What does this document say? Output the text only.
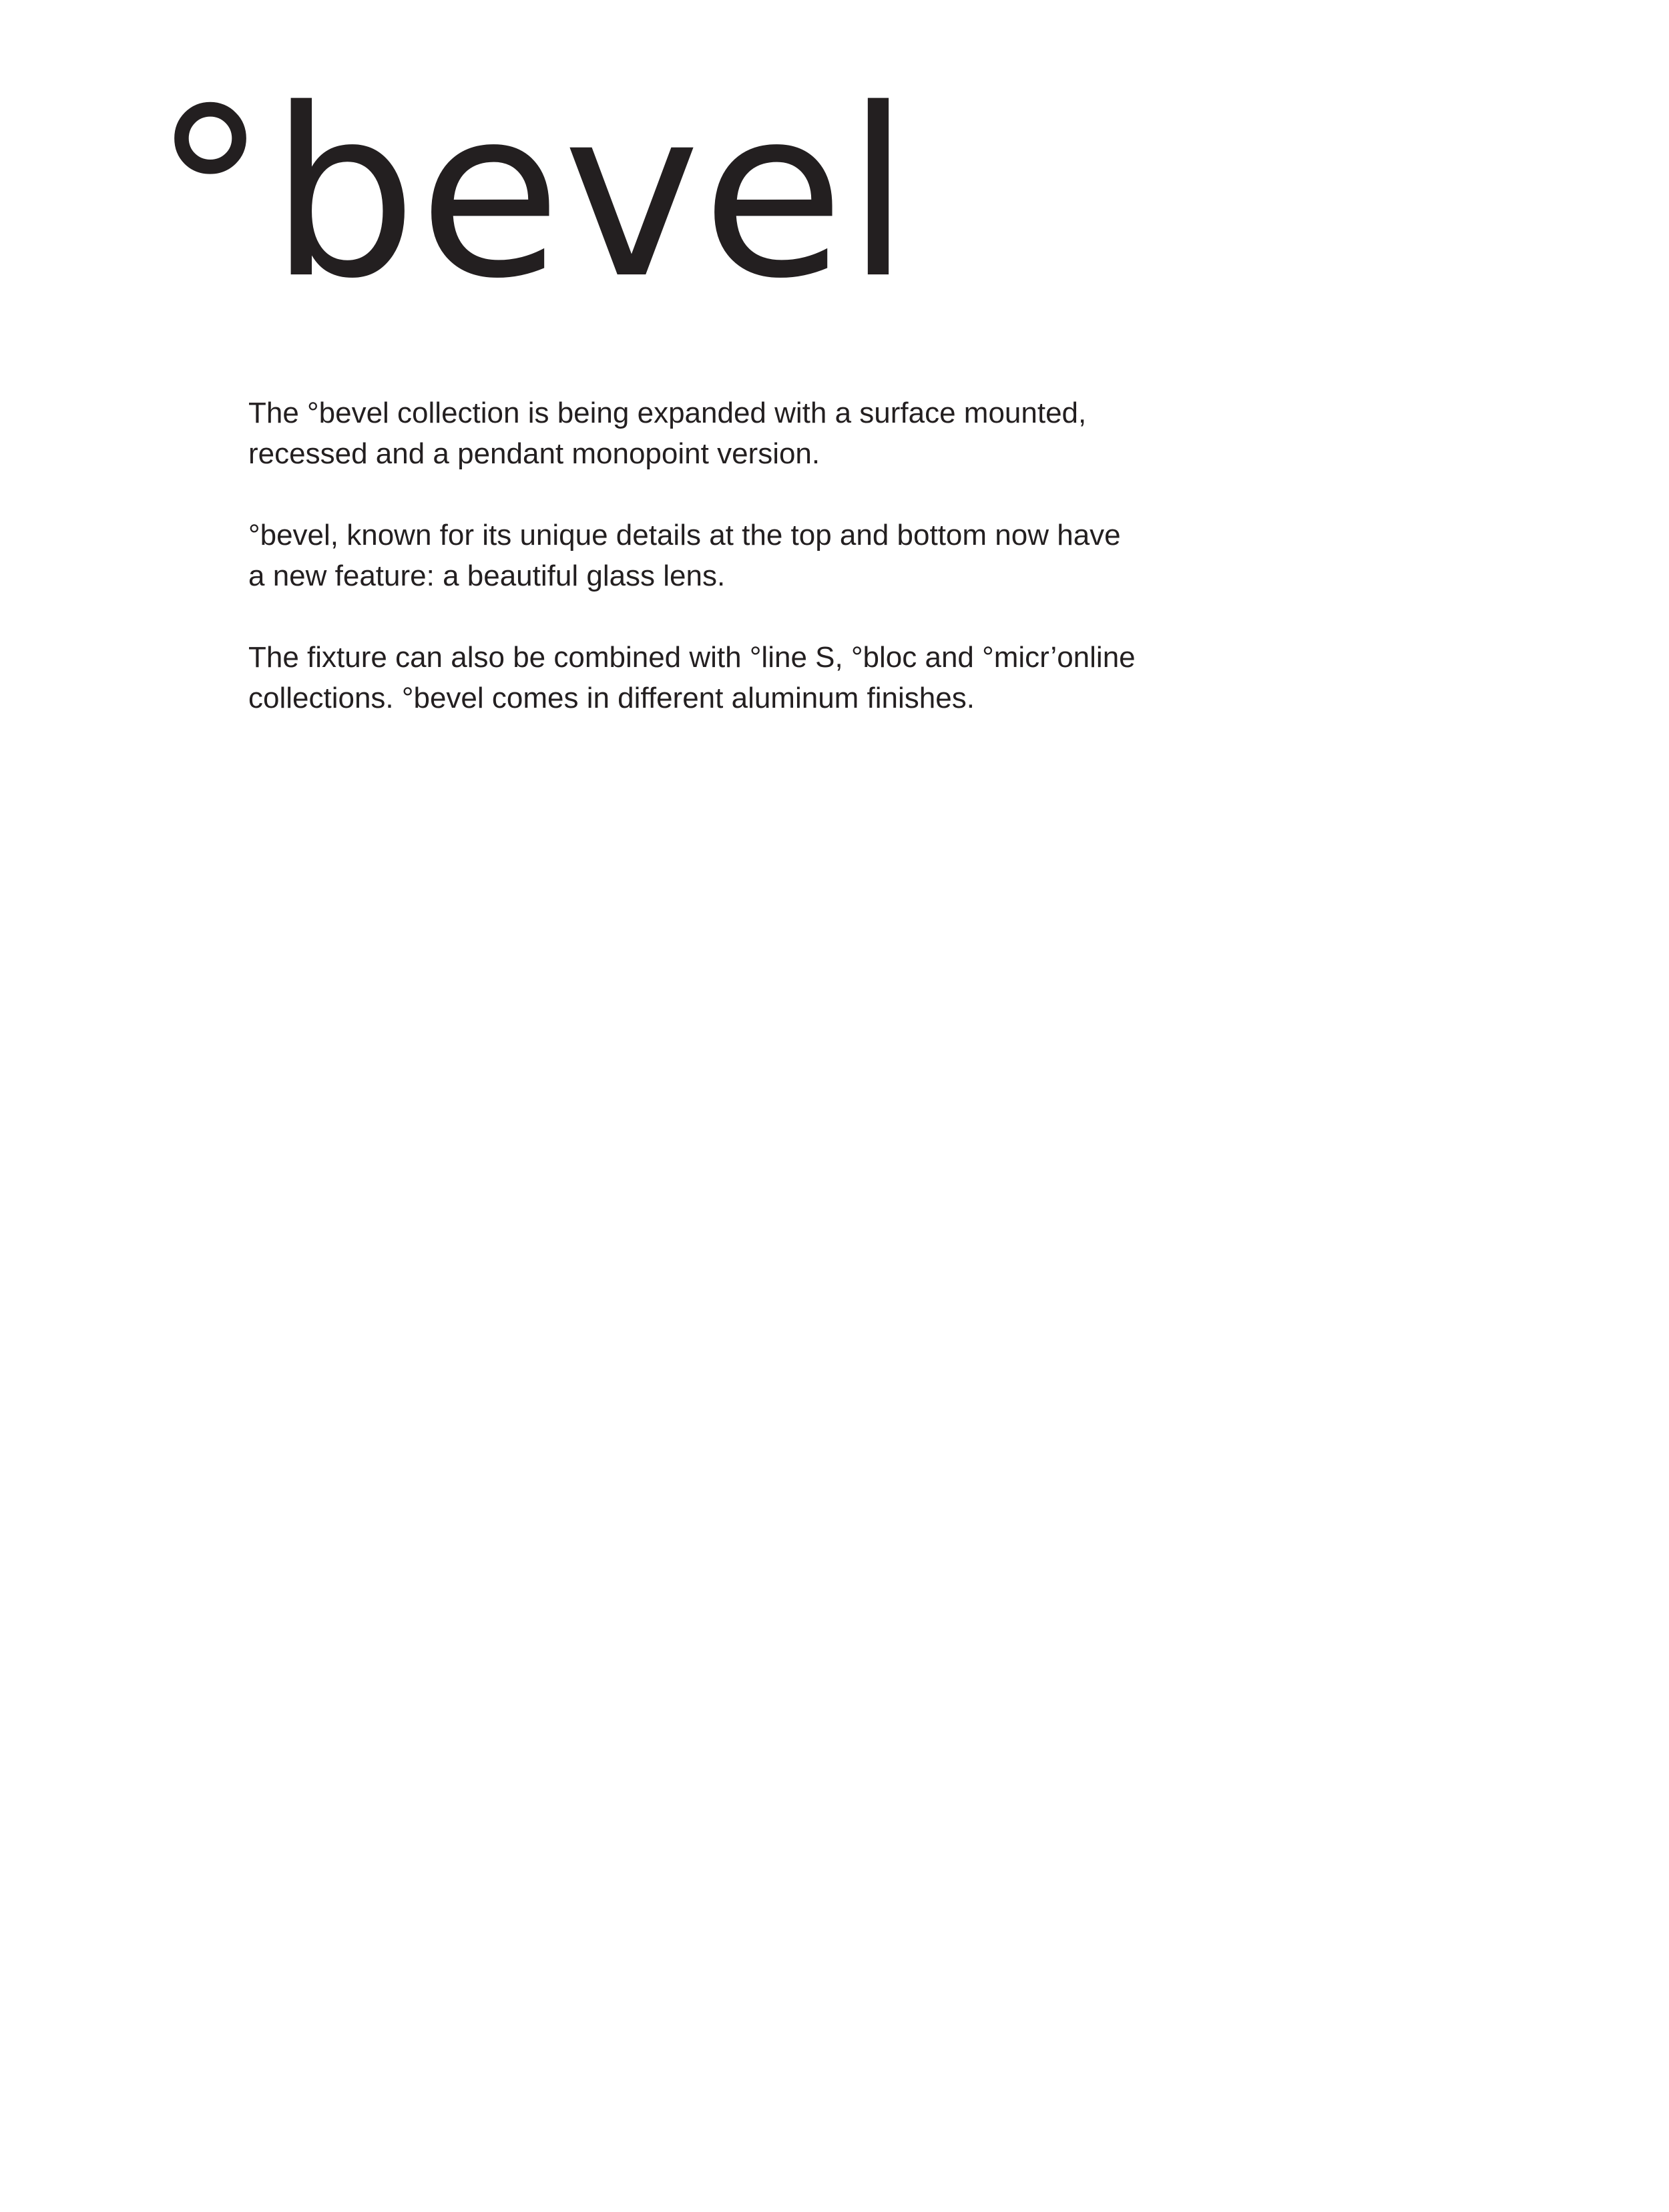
°bevel

The °bevel collection is being expanded with a surface mounted,
recessed and a pendant monopoint version.

°bevel, known for its unique details at the top and bottom now have
a new feature: a beautiful glass lens.

The fixture can also be combined with °line S, °bloc and °micr’online
collections. °bevel comes in different aluminum finishes.
